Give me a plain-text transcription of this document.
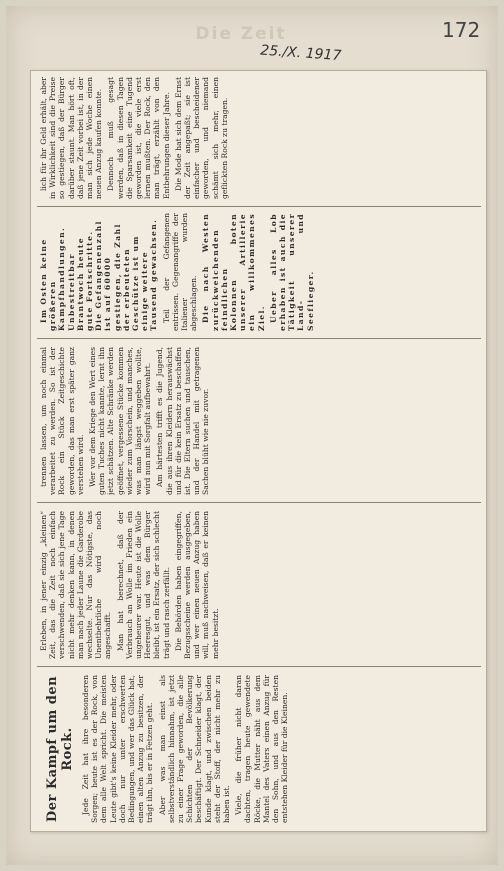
Die Zeit
25./X. 1917
172
Der Kampf um den Rock. Jede Zeit hat ihre besonderen Sorgen; heute ist es der Rock, von dem alle Welt spricht. Die meisten Leute gibt's keine Kleider mehr, oder doch nur unter erschwerten Bedingungen, und wer das Glück hat, einen alten Anzug zu besitzen, der trägt ihn, bis er in Fetzen geht. Aber was man einst als selbstverständlich hinnahm, ist jetzt zu einer Frage geworden, die alle Schichten der Bevölkerung beschäftigt. Der Schneider klagt, der Kunde klagt, und zwischen beiden steht der Stoff, der nicht mehr zu haben ist. Viele, die früher nicht daran dachten, tragen heute gewendete Röcke, die Mutter näht aus dem Mantel des Vaters einen Anzug für den Sohn, und aus den Resten entstehen Kleider für die Kleinen.

Erleben, in jener einzig „kleinen“ Zeit, das die Zeit noch einfach verschwenden, daß sie sich jene Tage nicht mehr denken kann, in denen man nach jeder Laune die Garderobe wechselte. Nur das Nötigste, das Unentbehrliche wird noch angeschafft. Man hat berechnet, daß der Verbrauch an Wolle im Frieden ein ungeheurer war. Heute ist die Wolle Heeresgut, und was dem Bürger bleibt, ist ein Ersatz, der sich schlecht trägt und rasch zerfällt. Die Behörden haben eingegriffen, Bezugsscheine werden ausgegeben, und wer einen neuen Anzug haben will, muß nachweisen, daß er keinen mehr besitzt.

trennen lassen, um noch einmal verarbeitet zu werden. So ist der Rock ein Stück Zeitgeschichte geworden, das man erst später ganz verstehen wird. Wer vor dem Kriege den Wert eines guten Tuches nicht kannte, lernt ihn jetzt schätzen. Alte Schränke werden geöffnet, vergessene Stücke kommen wieder zum Vorschein, und manches, was man längst weggeben wollte, wird nun mit Sorgfalt aufbewahrt. Am härtesten trifft es die Jugend, die aus ihren Kleidern herauswächst und für die kein Ersatz zu beschaffen ist. Die Eltern suchen und tauschen, und der Handel mit getragenen Sachen blüht wie nie zuvor.

Im Osten keine größeren Kampfhandlungen. Unbestreitbar Brantwoch heute gute Fortschritte. Die Gefangenenzahl ist auf 60000 gestiegen, die Zahl der erbeuteten Geschütze ist um einige weitere Tausend gewachsen. Teil der Gefangenen entrissen. Gegenangriffe der Italiener wurden abgeschlagen. Die nach Westen zurückweichenden feindlichen Kolonnen boten unserer Artillerie ein willkommenes Ziel. Ueber alles Lob erhaben ist auch die Tätigkeit unserer Land- und Seeflieger.

lich für ihr Geld erhält, aber in Wirklichkeit sind die Preise so gestiegen, daß der Bürger darüber staunt. Man hört oft, daß jene Zeit vorbei ist, in der man sich jede Woche einen neuen Anzug kaufen konnte. Dennoch muß gesagt werden, daß in diesen Tagen die Sparsamkeit eine Tugend geworden ist, die viele erst lernen mußten. Der Rock, den man trägt, erzählt von den Entbehrungen dieser Jahre. Die Mode hat sich dem Ernst der Zeit angepaßt; sie ist einfacher und bescheidener geworden, und niemand schämt sich mehr, einen geflickten Rock zu tragen.
